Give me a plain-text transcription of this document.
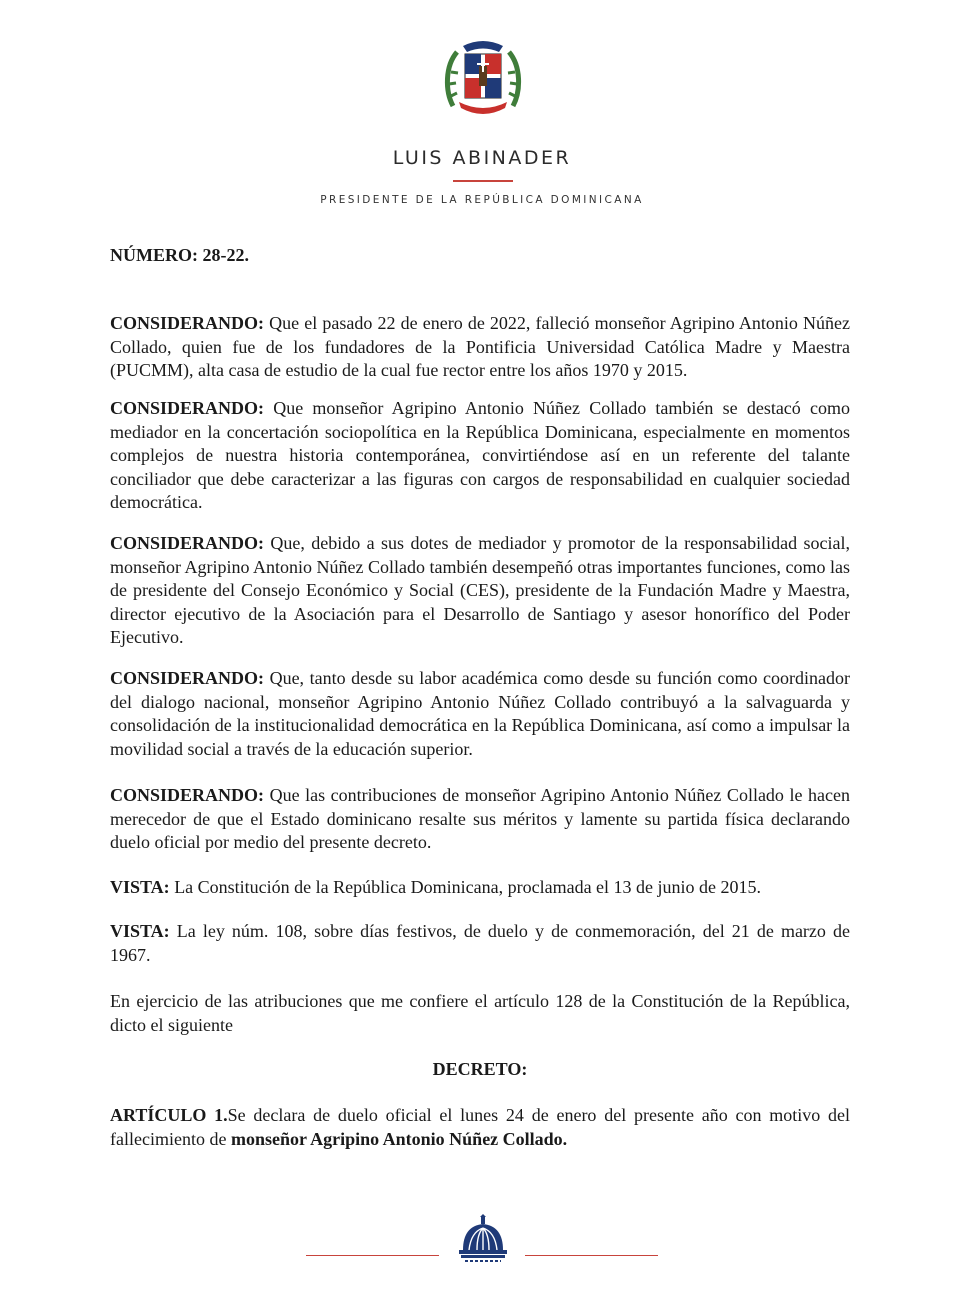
LUIS ABINADER
PRESIDENTE DE LA REPÚBLICA DOMINICANA
NÚMERO: 28-22.
CONSIDERANDO: Que el pasado 22 de enero de 2022, falleció monseñor Agripino Antonio Núñez Collado, quien fue de los fundadores de la Pontificia Universidad Católica Madre y Maestra (PUCMM), alta casa de estudio de la cual fue rector entre los años 1970 y 2015.
CONSIDERANDO: Que monseñor Agripino Antonio Núñez Collado también se destacó como mediador en la concertación sociopolítica en la República Dominicana, especialmente en momentos complejos de nuestra historia contemporánea, convirtiéndose así en un referente del talante conciliador que debe caracterizar a las figuras con cargos de responsabilidad en cualquier sociedad democrática.
CONSIDERANDO: Que, debido a sus dotes de mediador y promotor de la responsabilidad social, monseñor Agripino Antonio Núñez Collado también desempeñó otras importantes funciones, como las de presidente del Consejo Económico y Social (CES), presidente de la Fundación Madre y Maestra, director ejecutivo de la Asociación para el Desarrollo de Santiago y asesor honorífico del Poder Ejecutivo.
CONSIDERANDO: Que, tanto desde su labor académica como desde su función como coordinador del dialogo nacional, monseñor Agripino Antonio Núñez Collado contribuyó a la salvaguarda y consolidación de la institucionalidad democrática en la República Dominicana, así como a impulsar la movilidad social a través de la educación superior.
CONSIDERANDO: Que las contribuciones de monseñor Agripino Antonio Núñez Collado le hacen merecedor de que el Estado dominicano resalte sus méritos y lamente su partida física declarando duelo oficial por medio del presente decreto.
VISTA: La Constitución de la República Dominicana, proclamada el 13 de junio de 2015.
VISTA: La ley núm. 108, sobre días festivos, de duelo y de conmemoración, del 21 de marzo de 1967.
En ejercicio de las atribuciones que me confiere el artículo 128 de la Constitución de la República, dicto el siguiente
DECRETO:
ARTÍCULO 1.Se declara de duelo oficial el lunes 24 de enero del presente año con motivo del fallecimiento de monseñor Agripino Antonio Núñez Collado.
